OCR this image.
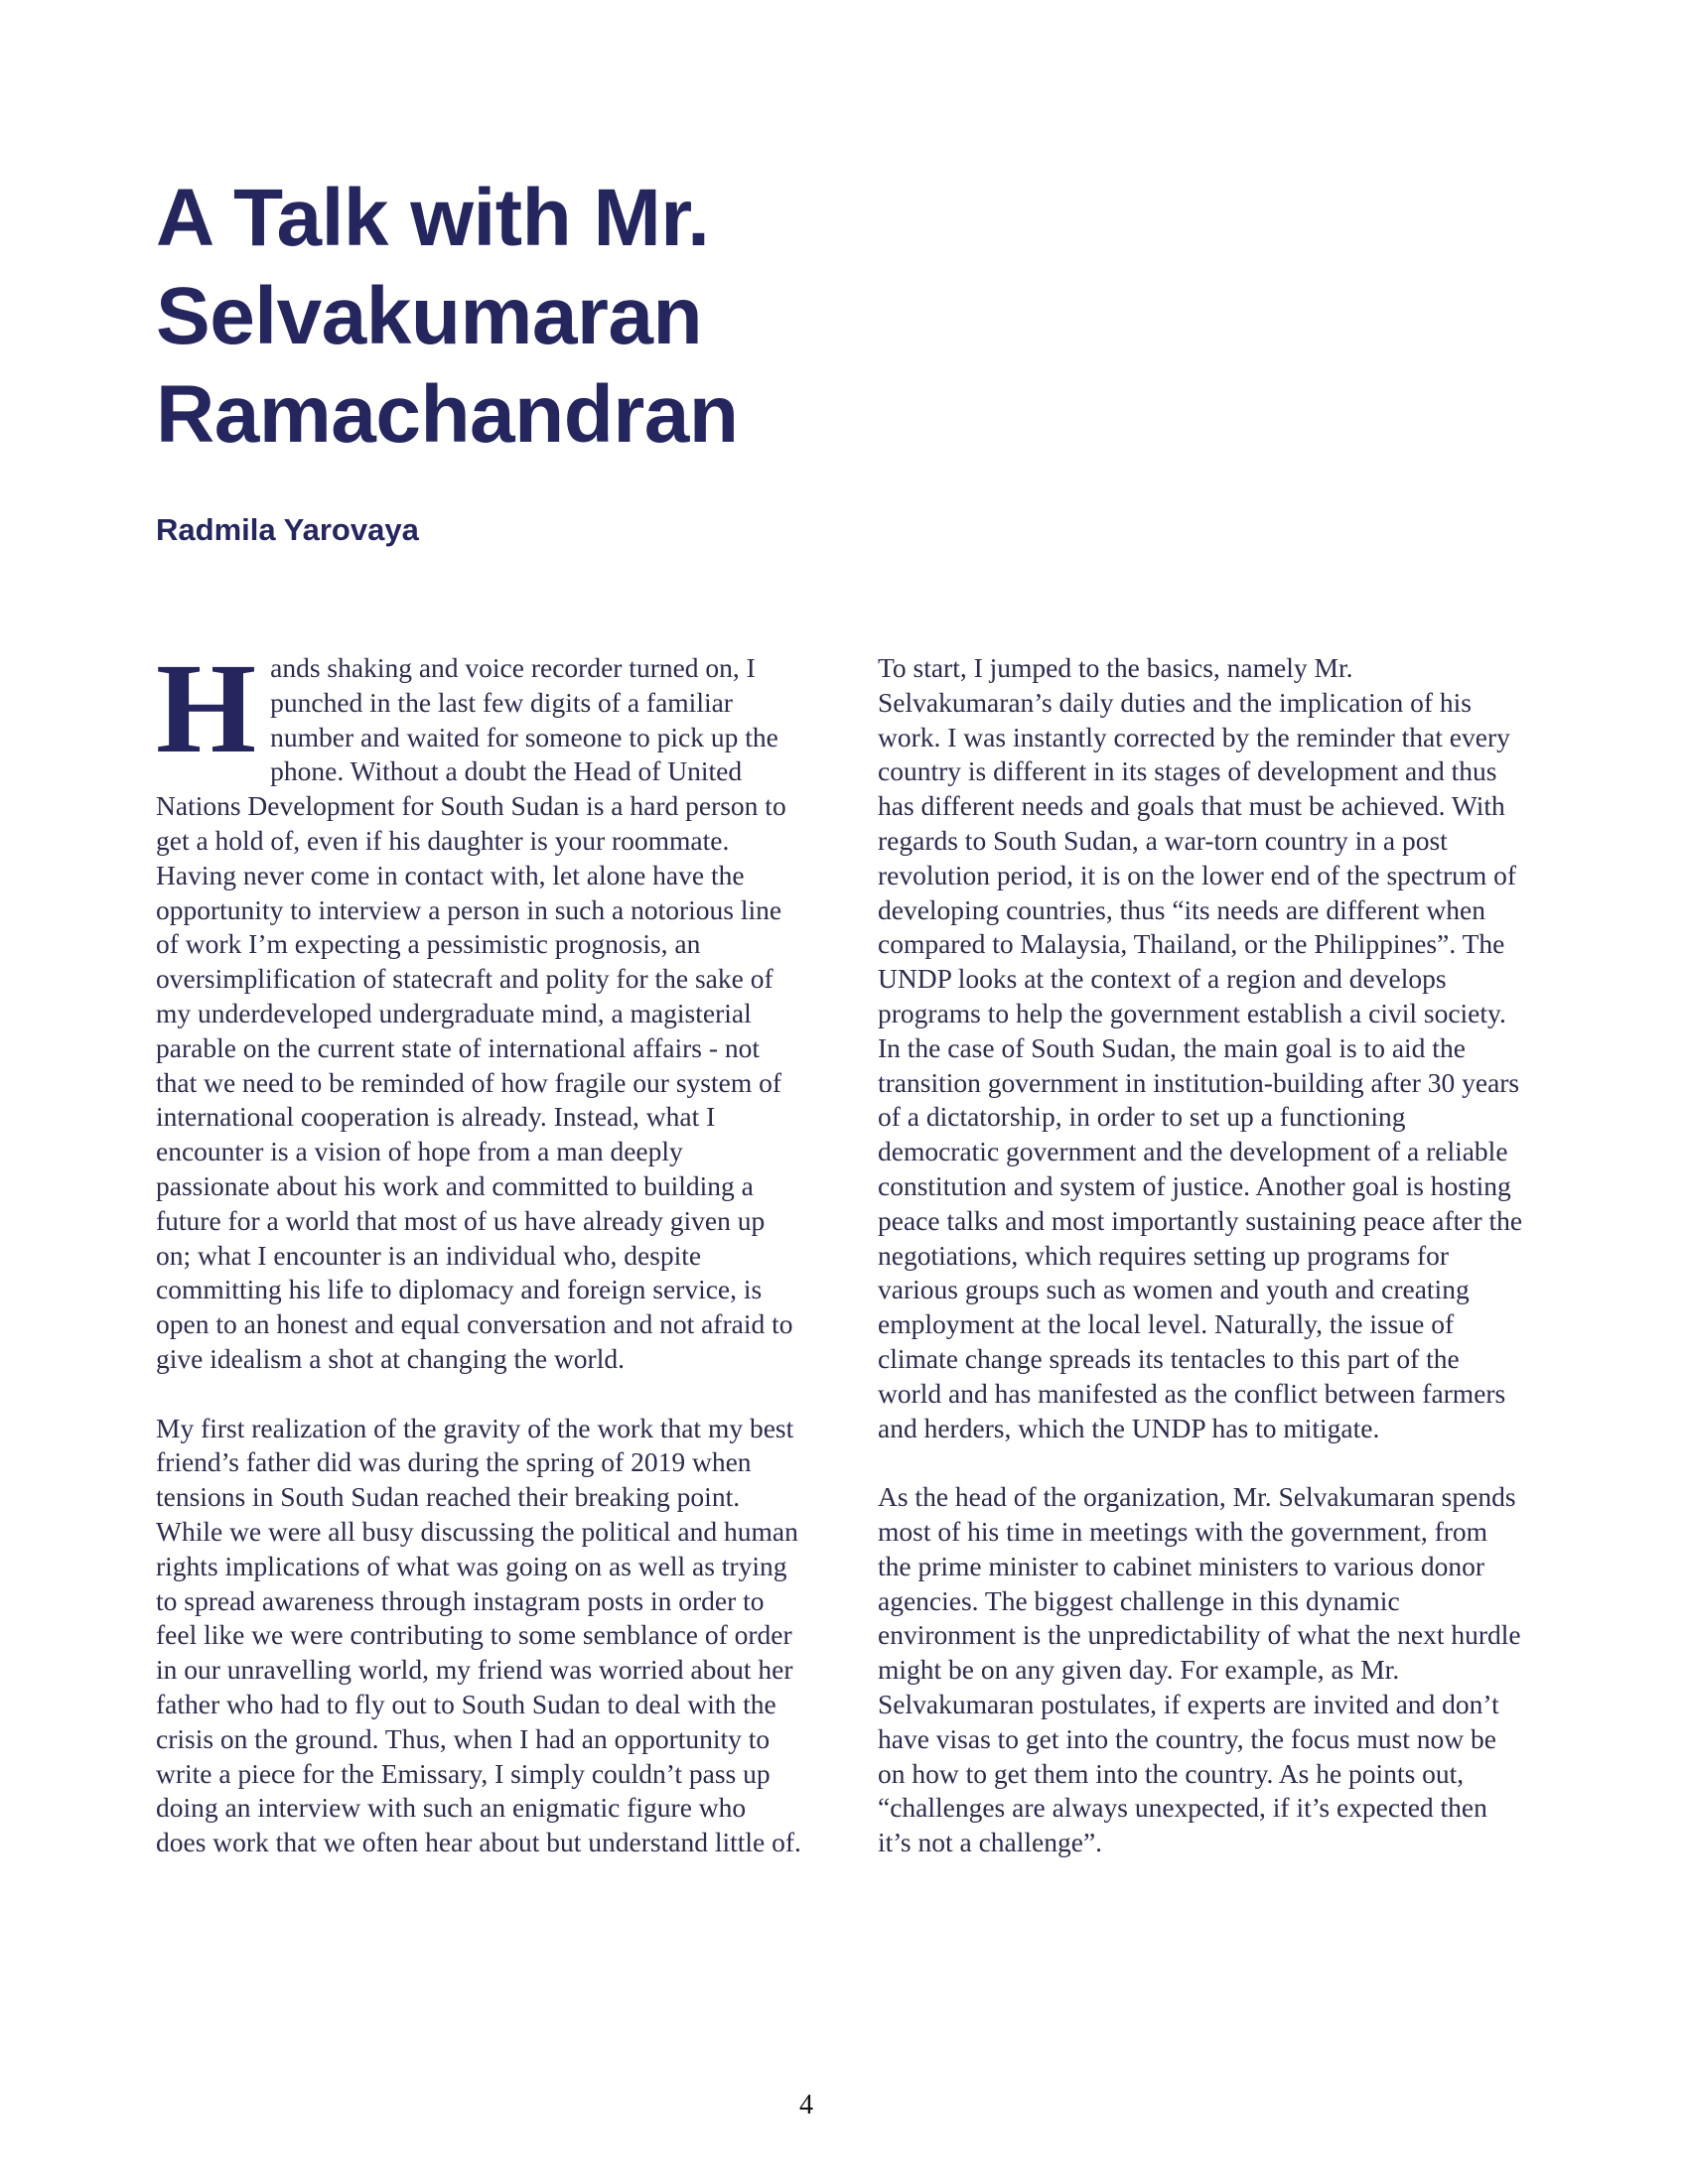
A Talk with Mr.
Selvakumaran
Ramachandran
Radmila Yarovaya

Hands shaking and voice recorder turned on, I punched in the last few digits of a familiar number and waited for someone to pick up the phone. Without a doubt the Head of United Nations Development for South Sudan is a hard person to get a hold of, even if his daughter is your roommate. Having never come in contact with, let alone have the opportunity to interview a person in such a notorious line of work I’m expecting a pessimistic prognosis, an oversimplification of statecraft and polity for the sake of my underdeveloped undergraduate mind, a magisterial parable on the current state of international affairs - not that we need to be reminded of how fragile our system of international cooperation is already. Instead, what I encounter is a vision of hope from a man deeply passionate about his work and committed to building a future for a world that most of us have already given up on; what I encounter is an individual who, despite committing his life to diplomacy and foreign service, is open to an honest and equal conversation and not afraid to give idealism a shot at changing the world.

My first realization of the gravity of the work that my best friend’s father did was during the spring of 2019 when tensions in South Sudan reached their breaking point. While we were all busy discussing the political and human rights implications of what was going on as well as trying to spread awareness through instagram posts in order to feel like we were contributing to some semblance of order in our unravelling world, my friend was worried about her father who had to fly out to South Sudan to deal with the crisis on the ground. Thus, when I had an opportunity to write a piece for the Emissary, I simply couldn’t pass up doing an interview with such an enigmatic figure who does work that we often hear about but understand little of.

To start, I jumped to the basics, namely Mr. Selvakumaran’s daily duties and the implication of his work. I was instantly corrected by the reminder that every country is different in its stages of development and thus has different needs and goals that must be achieved. With regards to South Sudan, a war-torn country in a post revolution period, it is on the lower end of the spectrum of developing countries, thus “its needs are different when compared to Malaysia, Thailand, or the Philippines”. The UNDP looks at the context of a region and develops programs to help the government establish a civil society. In the case of South Sudan, the main goal is to aid the transition government in institution-building after 30 years of a dictatorship, in order to set up a functioning democratic government and the development of a reliable constitution and system of justice. Another goal is hosting peace talks and most importantly sustaining peace after the negotiations, which requires setting up programs for various groups such as women and youth and creating employment at the local level. Naturally, the issue of climate change spreads its tentacles to this part of the world and has manifested as the conflict between farmers and herders, which the UNDP has to mitigate.

As the head of the organization, Mr. Selvakumaran spends most of his time in meetings with the government, from the prime minister to cabinet ministers to various donor agencies. The biggest challenge in this dynamic environment is the unpredictability of what the next hurdle might be on any given day. For example, as Mr. Selvakumaran postulates, if experts are invited and don’t have visas to get into the country, the focus must now be on how to get them into the country. As he points out, “challenges are always unexpected, if it’s expected then it’s not a challenge”.

4
